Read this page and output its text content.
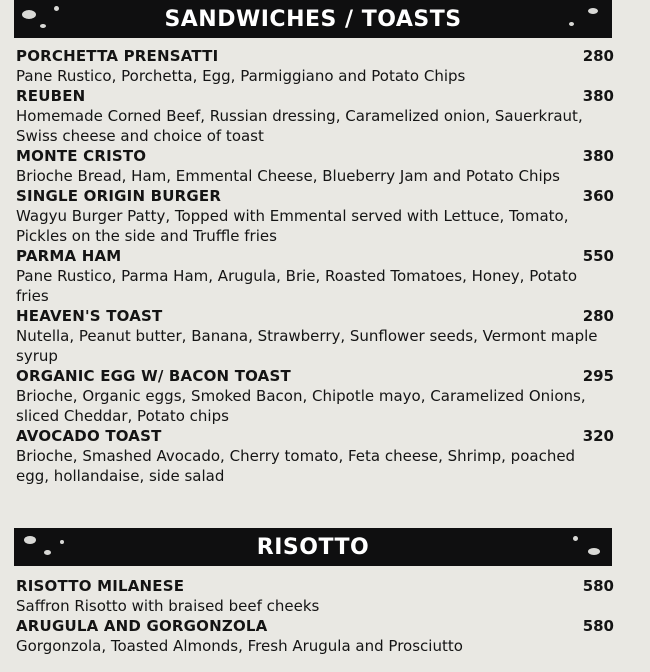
SANDWICHES / TOASTS
PORCHETTA PRENSATTI	280
Pane Rustico, Porchetta, Egg, Parmiggiano and Potato Chips
REUBEN	380
Homemade Corned Beef, Russian dressing, Caramelized onion, Sauerkraut, Swiss cheese and choice of toast
MONTE CRISTO	380
Brioche Bread, Ham, Emmental Cheese, Blueberry Jam and Potato Chips
SINGLE ORIGIN BURGER	360
Wagyu Burger Patty, Topped with Emmental served with Lettuce, Tomato, Pickles on the side and Truffle fries
PARMA HAM	550
Pane Rustico, Parma Ham, Arugula, Brie, Roasted Tomatoes, Honey, Potato fries
HEAVEN'S TOAST	280
Nutella, Peanut butter, Banana, Strawberry, Sunflower seeds, Vermont maple syrup
ORGANIC EGG W/ BACON TOAST	295
Brioche, Organic eggs, Smoked Bacon, Chipotle mayo, Caramelized Onions, sliced Cheddar, Potato chips
AVOCADO TOAST	320
Brioche, Smashed Avocado, Cherry tomato, Feta cheese, Shrimp, poached egg, hollandaise, side salad
RISOTTO
RISOTTO MILANESE	580
Saffron Risotto with braised beef cheeks
ARUGULA AND GORGONZOLA	580
Gorgonzola, Toasted Almonds, Fresh Arugula and Prosciutto
